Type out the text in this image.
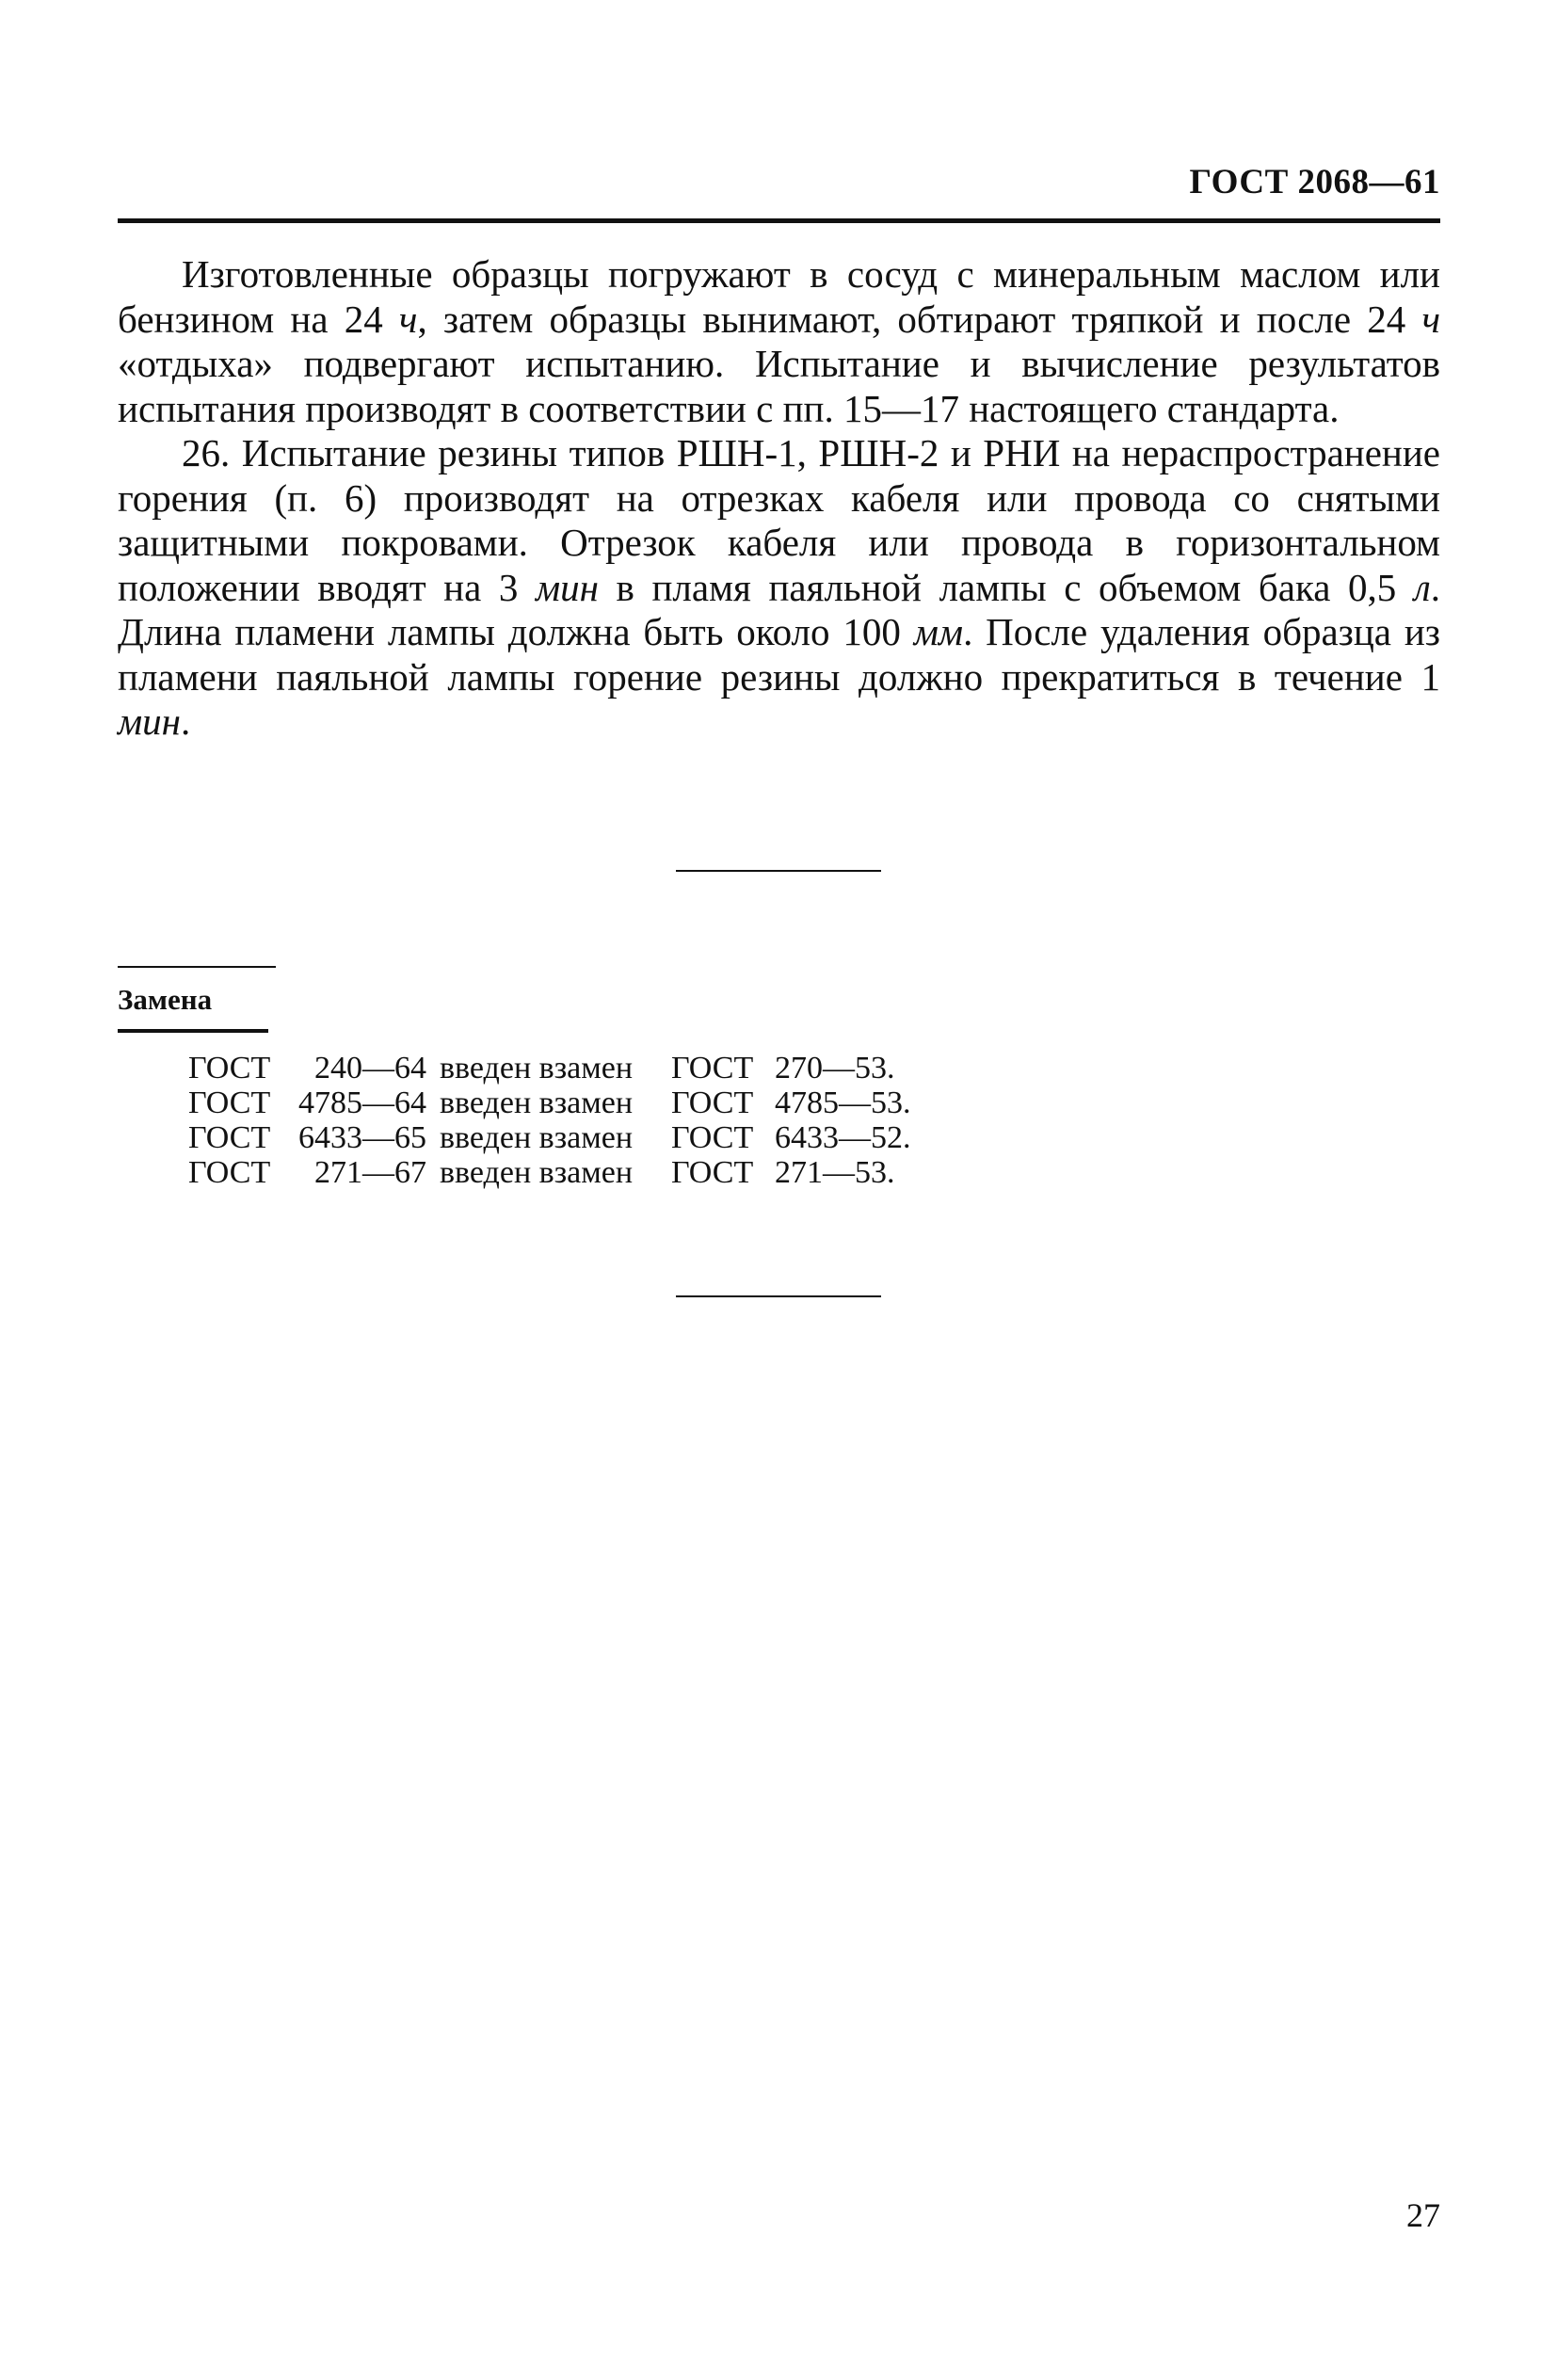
ГОСТ 2068—61

Изготовленные образцы погружают в сосуд с минеральным маслом или бензином на 24 ч, затем образцы вынимают, обтирают тряпкой и после 24 ч «отдыха» подвергают испытанию. Испытание и вычисление результатов испытания производят в соответствии с пп. 15—17 настоящего стандарта.

26. Испытание резины типов РШН-1, РШН-2 и РНИ на нераспространение горения (п. 6) производят на отрезках кабеля или провода со снятыми защитными покровами. Отрезок кабеля или провода в горизонтальном положении вводят на 3 мин в пламя паяльной лампы с объемом бака 0,5 л. Длина пламени лампы должна быть около 100 мм. После удаления образца из пламени паяльной лампы горение резины должно прекратиться в течение 1 мин.

Замена
ГОСТ	240—64 введен взамен	ГОСТ 270—53.
ГОСТ 4785—64 введен взамен	ГОСТ 4785—53.
ГОСТ 6433—65 введен взамен	ГОСТ 6433—52.
ГОСТ	271—67 введен взамен	ГОСТ 271—53.
27
